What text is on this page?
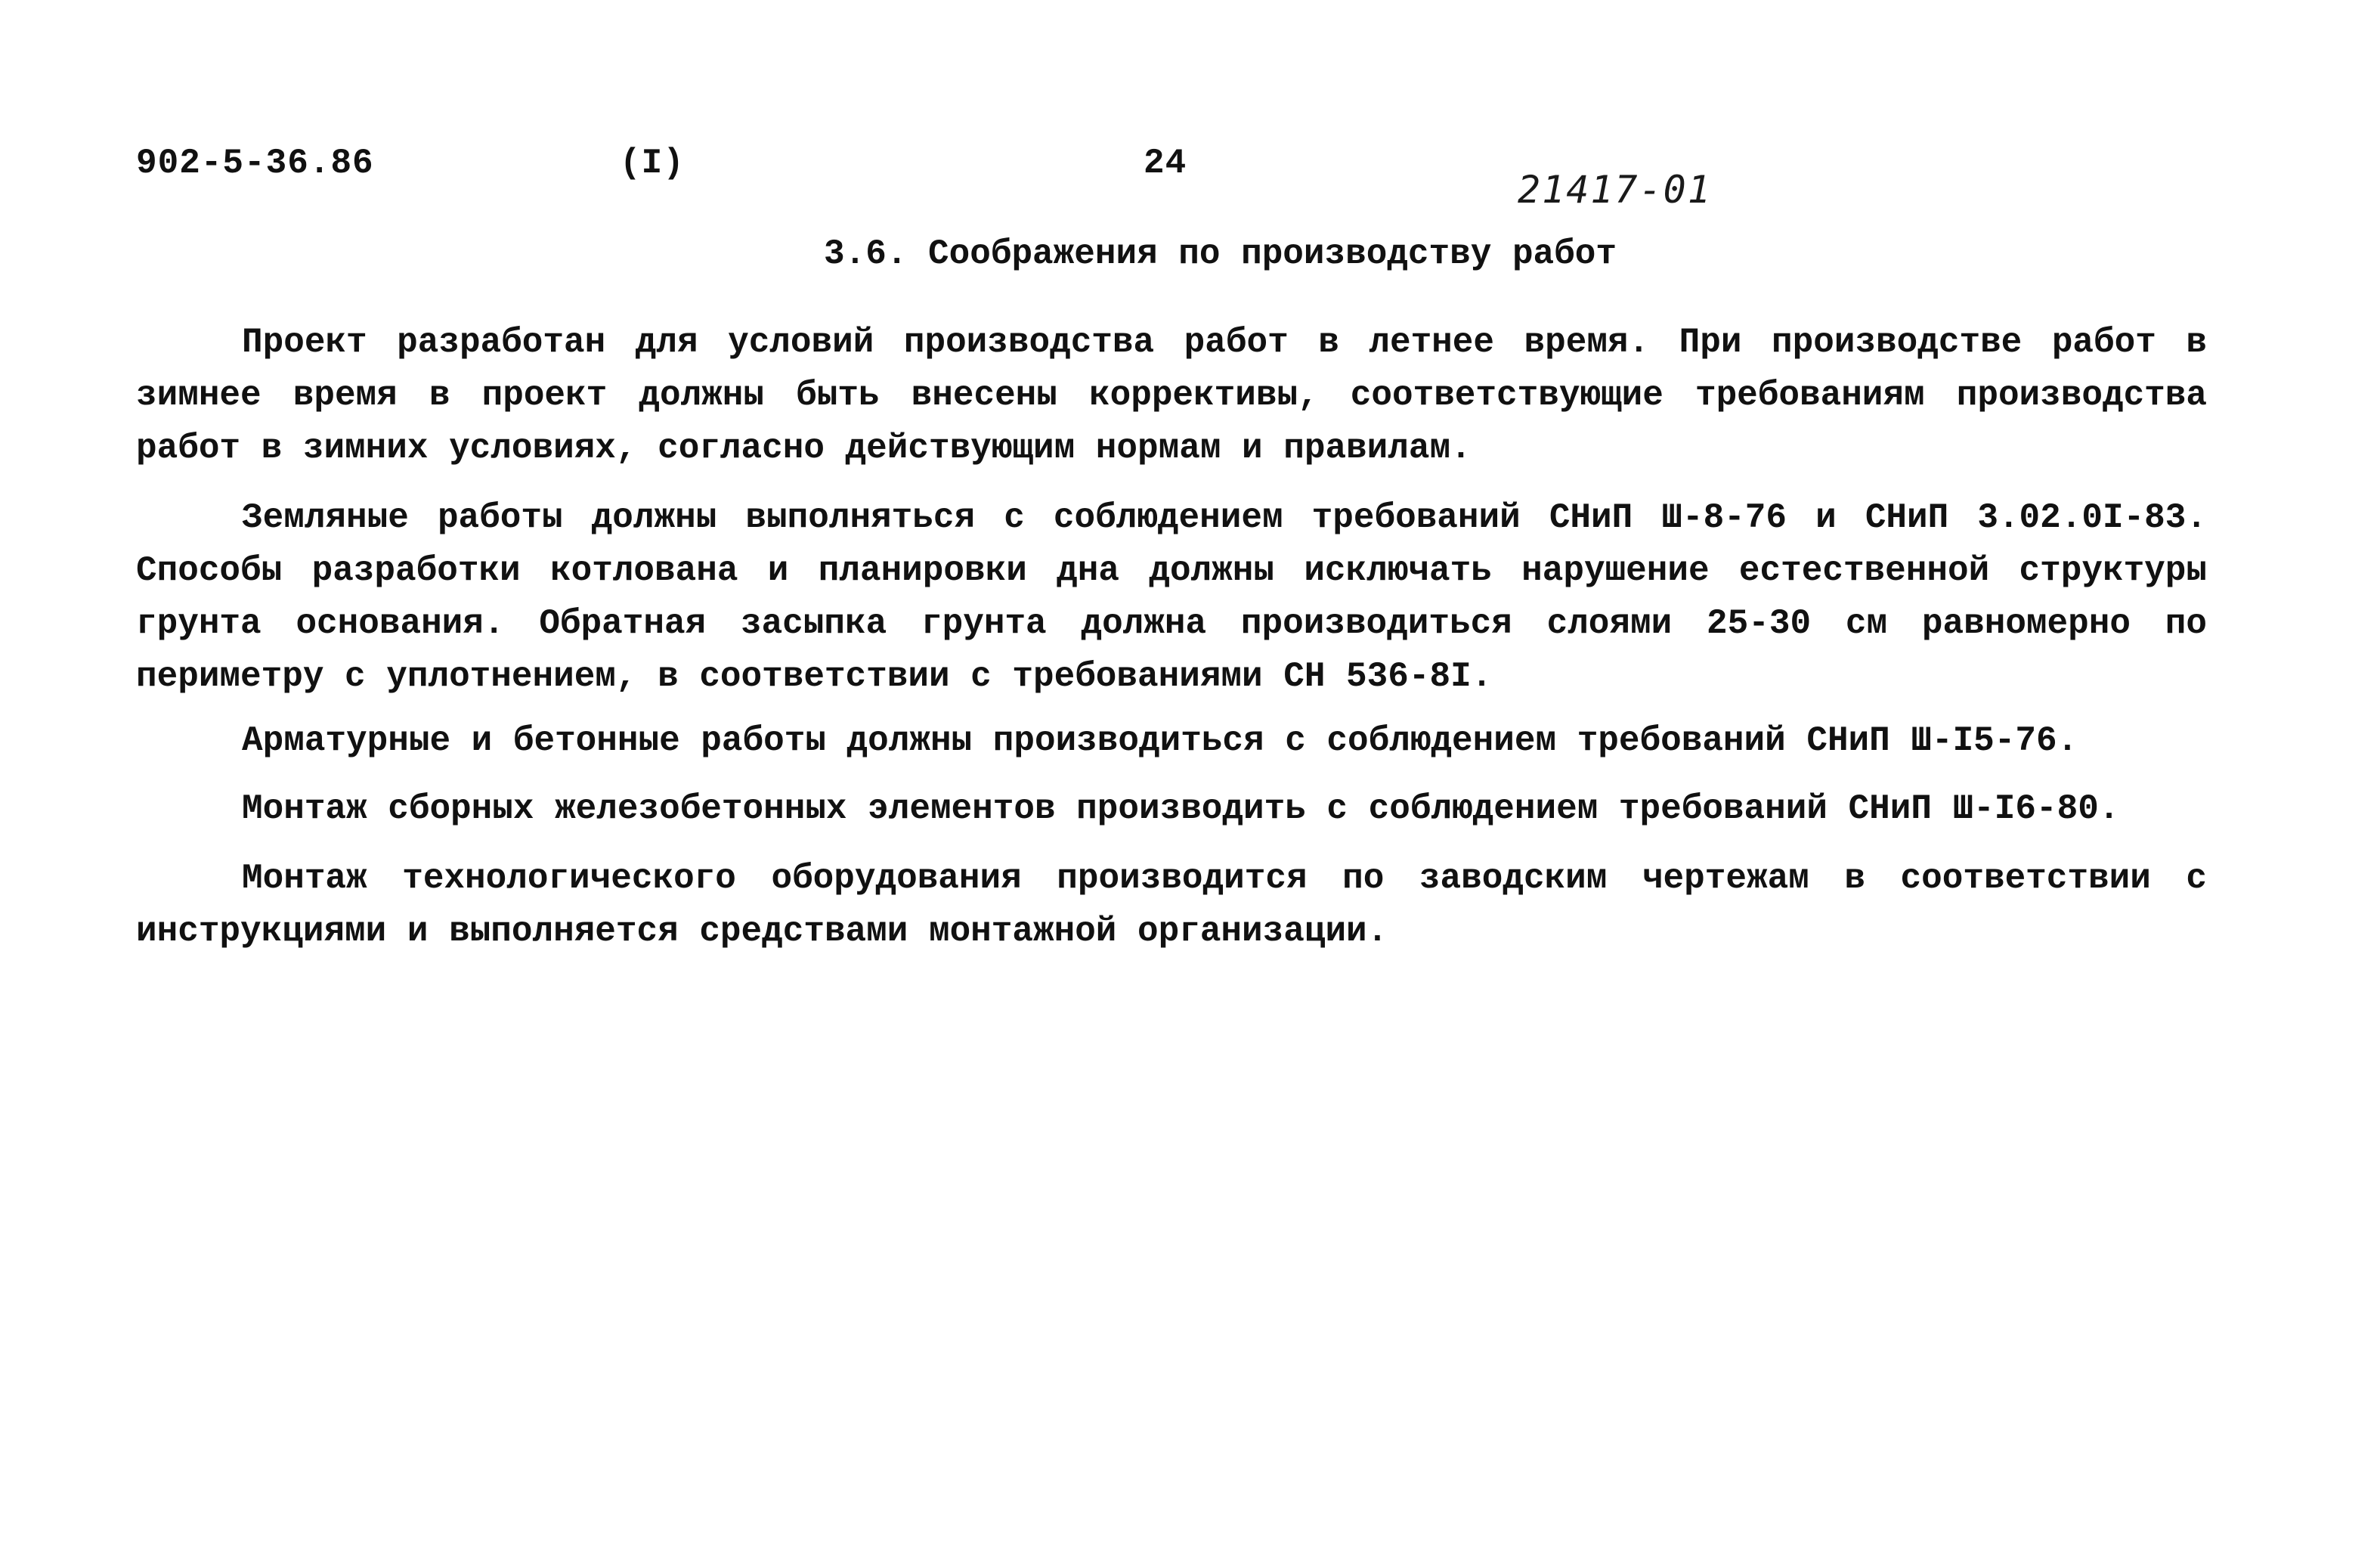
902-5-36.86	(I)	24
21417-01
3.6. Соображения по производству работ

Проект разработан для условий производства работ в летнее время. При производстве работ в зимнее время в проект должны быть внесены коррективы, соответствующие требованиям производства работ в зимних условиях, согласно действующим нормам и правилам.

Земляные работы должны выполняться с соблюдением требований СНиП Ш-8-76 и СНиП 3.02.0I-83. Способы разработки котлована и планировки дна должны исключать нарушение естественной структуры грунта основания. Обратная засыпка грунта должна производиться слоями 25-30 см равномерно по периметру с уплотнением, в соответствии с требованиями СН 536-8I.

Арматурные и бетонные работы должны производиться с соблюдением требований СНиП Ш-I5-76.

Монтаж сборных железобетонных элементов производить с соблюдением требований СНиП Ш-I6-80.

Монтаж технологического оборудования производится по заводским чертежам в соответствии с инструкциями и выполняется средствами монтажной организации.
